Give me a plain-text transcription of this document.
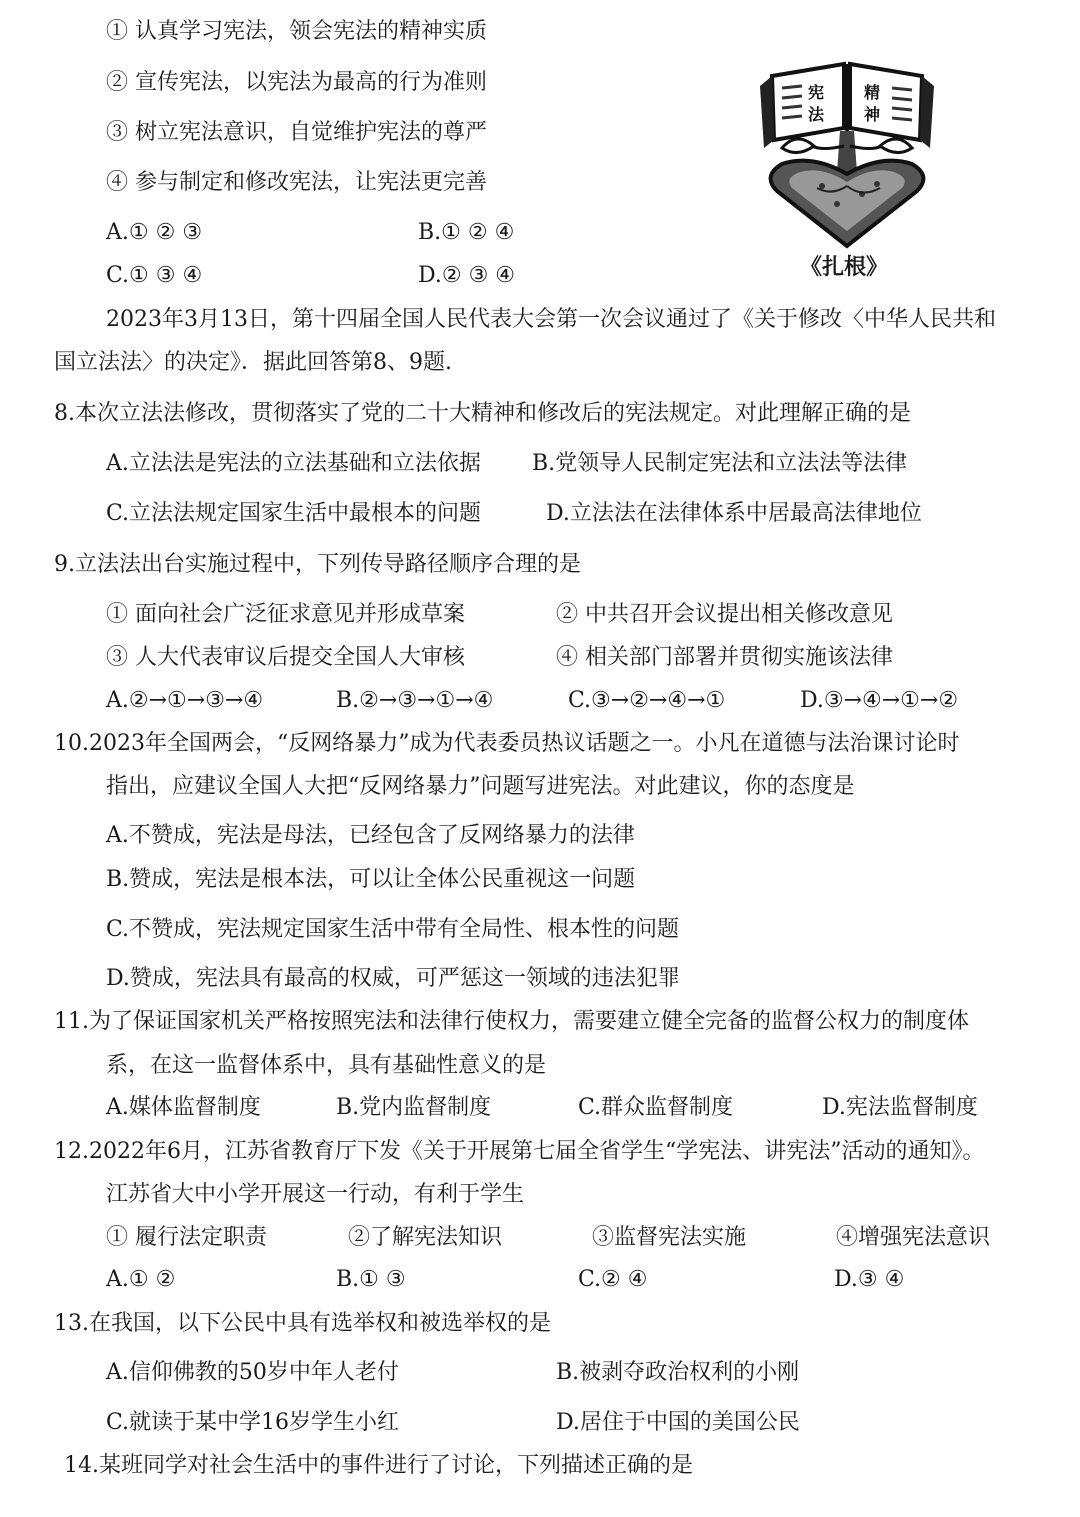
① 认真学习宪法，领会宪法的精神实质
② 宣传宪法，以宪法为最高的行为准则
③ 树立宪法意识，自觉维护宪法的尊严
④ 参与制定和修改宪法，让宪法更完善
A.① ② ③	B.① ② ④
C.① ③ ④	D.② ③ ④
宪
法
精
神
《扎根》
2023年3月13日，第十四届全国人民代表大会第一次会议通过了《关于修改〈中华人民共和
国立法法〉的决定》．据此回答第8、9题.
8.本次立法法修改，贯彻落实了党的二十大精神和修改后的宪法规定。对此理解正确的是
A.立法法是宪法的立法基础和立法依据 B.党领导人民制定宪法和立法法等法律
C.立法法规定国家生活中最根本的问题	D.立法法在法律体系中居最高法律地位
9.立法法出台实施过程中，下列传导路径顺序合理的是
① 面向社会广泛征求意见并形成草案	② 中共召开会议提出相关修改意见
③ 人大代表审议后提交全国人大审核	④ 相关部门部署并贯彻实施该法律
A.②→①→③→④	B.②→③→①→④	C.③→②→④→①	D.③→④→①→②
10.2023年全国两会，“反网络暴力”成为代表委员热议话题之一。小凡在道德与法治课讨论时
指出，应建议全国人大把“反网络暴力”问题写进宪法。对此建议，你的态度是
A.不赞成，宪法是母法，已经包含了反网络暴力的法律
B.赞成，宪法是根本法，可以让全体公民重视这一问题
C.不赞成，宪法规定国家生活中带有全局性、根本性的问题
D.赞成，宪法具有最高的权威，可严惩这一领域的违法犯罪
11.为了保证国家机关严格按照宪法和法律行使权力，需要建立健全完备的监督公权力的制度体
系，在这一监督体系中，具有基础性意义的是
A.媒体监督制度	B.党内监督制度	C.群众监督制度	D.宪法监督制度
12.2022年6月，江苏省教育厅下发《关于开展第七届全省学生“学宪法、讲宪法”活动的通知》。
江苏省大中小学开展这一行动，有利于学生
① 履行法定职责	②了解宪法知识	③监督宪法实施	④增强宪法意识
A.① ②	B.① ③	C.② ④	D.③ ④
13.在我国，以下公民中具有选举权和被选举权的是
A.信仰佛教的50岁中年人老付	B.被剥夺政治权利的小刚
C.就读于某中学16岁学生小红	D.居住于中国的美国公民
14.某班同学对社会生活中的事件进行了讨论，下列描述正确的是
